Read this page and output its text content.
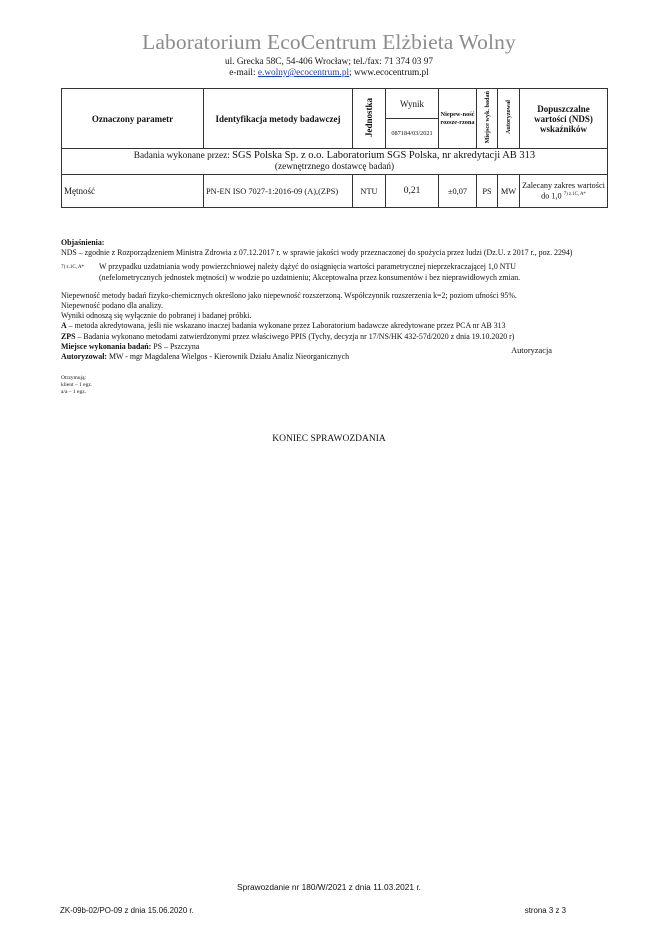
Laboratorium EcoCentrum Elżbieta Wolny
ul. Grecka 58C, 54-406 Wrocław; tel./fax: 71 374 03 97
e-mail: e.wolny@ecocentrum.pl; www.ecocentrum.pl
Oznaczony parametr	Identyfikacja metody badawczej	Jednostka	Wynik	Niepew-ność rozsze-rzona	Miejsce wyk. badań	Autoryzował	Dopuszczalne wartości (NDS) wskaźników
			087184/03/2021				
Badania wykonane przez: SGS Polska Sp. z o.o. Laboratorium SGS Polska, nr akredytacji AB 313
(zewnętrznego dostawcę badań)							
Mętność	PN-EN ISO 7027-1:2016-09 (A),(ZPS)	NTU	0,21	±0,07	PS	MW	Zalecany zakres wartości do 1,0 $^{7) z.1C, A*}$

Objaśnienia:

NDS – zgodnie z Rozporządzeniem Ministra Zdrowia z 07.12.2017 r. w sprawie jakości wody przeznaczonej do spożycia przez ludzi (Dz.U. z 2017 r., poz. 2294)

7) z.1C, A*	W przypadku uzdatniania wody powierzchniowej należy dążyć do osiągnięcia wartości parametrycznej nieprzekraczającej 1,0 NTU

(nefelometrycznych jednostek mętności) w wodzie po uzdatnieniu; Akceptowalna przez konsumentów i bez nieprawidłowych zmian.

Niepewność metody badań fizyko-chemicznych określono jako niepewność rozszerzoną. Współczynnik rozszerzenia k=2; poziom ufności 95%.

Niepewność podano dla analizy.

Wyniki odnoszą się wyłącznie do pobranej i badanej próbki.

A – metoda akredytowana, jeśli nie wskazano inaczej badania wykonane przez Laboratorium badawcze akredytowane przez PCA nr AB 313

ZPS – Badania wykonano metodami zatwierdzonymi przez właściwego PPIS (Tychy, decyzja nr 17/NS/HK 432-57d/2020 z dnia 19.10.2020 r)

Miejsce wykonania badań: PS – Pszczyna

Autoryzował: MW - mgr Magdalena Wielgos - Kierownik Działu Analiz Nieorganicznych

Autoryzacja
Otrzymują:
klient – 1 egz.
a/a – 1 egz.
KONIEC SPRAWOZDANIA
Sprawozdanie nr 180/W/2021 z dnia 11.03.2021 r.
ZK-09b-02/PO-09 z dnia 15.06.2020 r.	strona 3 z 3
